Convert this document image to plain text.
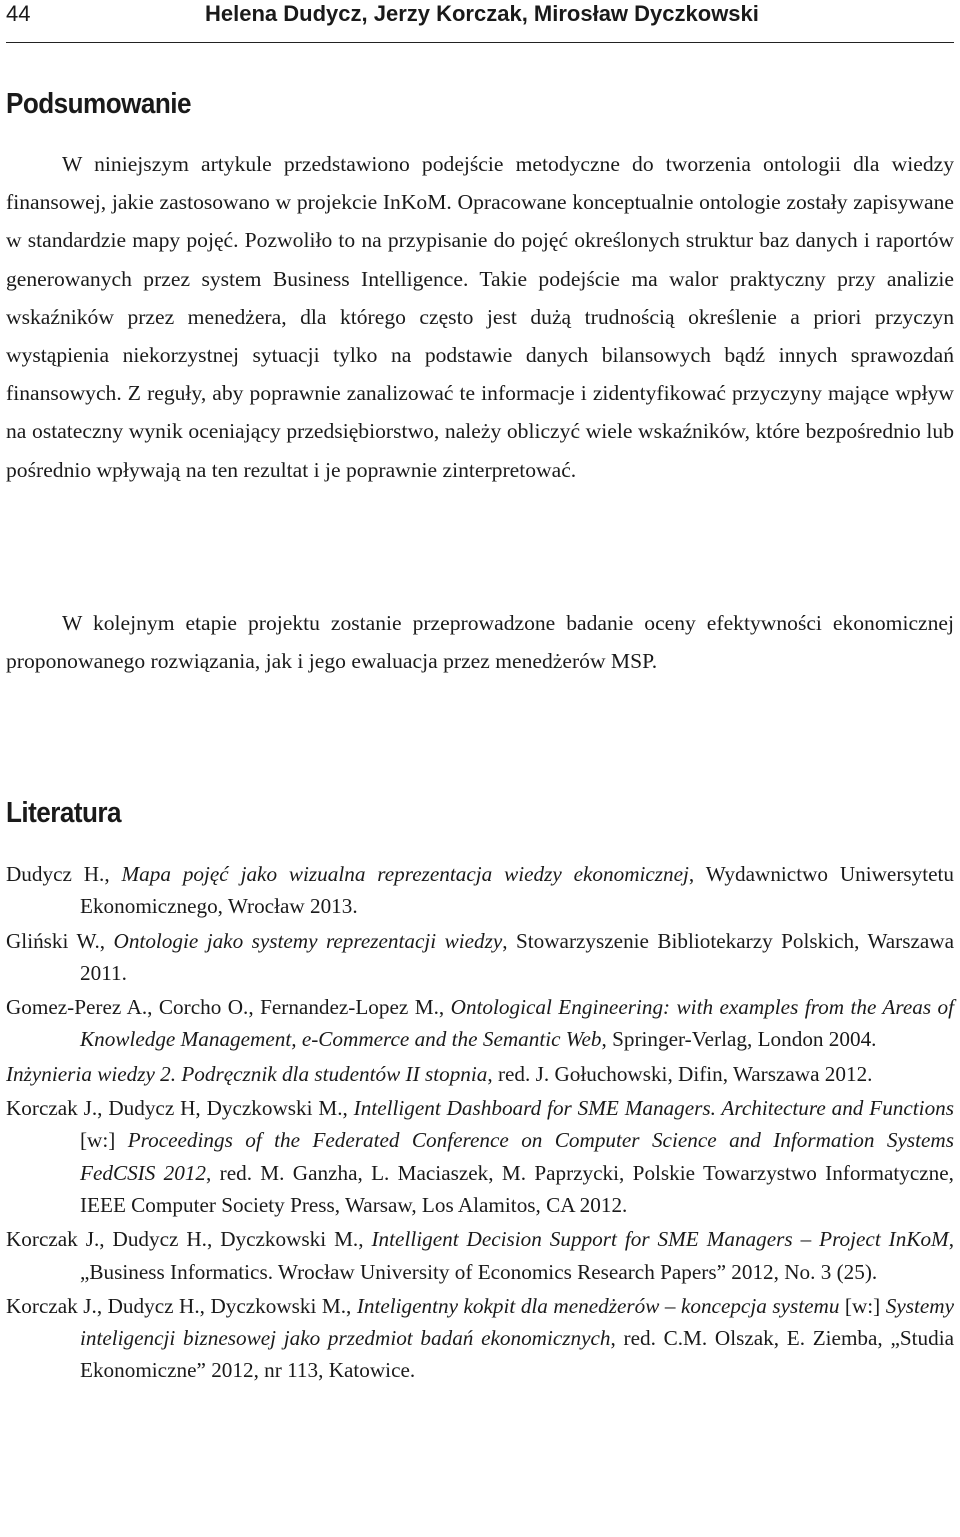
44	Helena Dudycz, Jerzy Korczak, Mirosław Dyczkowski
Podsumowanie

W niniejszym artykule przedstawiono podejście metodyczne do tworzenia ontologii dla wiedzy finansowej, jakie zastosowano w projekcie InKoM. Opracowane konceptualnie ontologie zostały zapisywane w standardzie mapy pojęć. Pozwoliło to na przypisanie do pojęć określonych struktur baz danych i raportów generowanych przez system Business Intelligence. Takie podejście ma walor praktyczny przy analizie wskaźników przez menedżera, dla którego często jest dużą trudnością określenie a priori przyczyn wystąpienia niekorzystnej sytuacji tylko na podstawie danych bilansowych bądź innych sprawozdań finansowych. Z reguły, aby poprawnie zanalizować te informacje i zidentyfikować przyczyny mające wpływ na ostateczny wynik oceniający przedsiębiorstwo, należy obliczyć wiele wskaźników, które bezpośrednio lub pośrednio wpływają na ten rezultat i je poprawnie zinterpretować.

W kolejnym etapie projektu zostanie przeprowadzone badanie oceny efektywności ekonomicznej proponowanego rozwiązania, jak i jego ewaluacja przez menedżerów MSP.

Literatura

Dudycz H., Mapa pojęć jako wizualna reprezentacja wiedzy ekonomicznej, Wydawnictwo Uniwersytetu Ekonomicznego, Wrocław 2013.

Gliński W., Ontologie jako systemy reprezentacji wiedzy, Stowarzyszenie Bibliotekarzy Polskich, Warszawa 2011.

Gomez-Perez A., Corcho O., Fernandez-Lopez M., Ontological Engineering: with examples from the Areas of Knowledge Management, e-Commerce and the Semantic Web, Springer-Verlag, London 2004.

Inżynieria wiedzy 2. Podręcznik dla studentów II stopnia, red. J. Gołuchowski, Difin, Warszawa 2012.

Korczak J., Dudycz H, Dyczkowski M., Intelligent Dashboard for SME Managers. Architecture and Functions [w:] Proceedings of the Federated Conference on Computer Science and Information Systems FedCSIS 2012, red. M. Ganzha, L. Maciaszek, M. Paprzycki, Polskie Towarzystwo Informatyczne, IEEE Computer Society Press, Warsaw, Los Alamitos, CA 2012.

Korczak J., Dudycz H., Dyczkowski M., Intelligent Decision Support for SME Managers – Project InKoM, „Business Informatics. Wrocław University of Economics Research Papers” 2012, No. 3 (25).

Korczak J., Dudycz H., Dyczkowski M., Inteligentny kokpit dla menedżerów – koncepcja systemu [w:] Systemy inteligencji biznesowej jako przedmiot badań ekonomicznych, red. C.M. Olszak, E. Ziemba, „Studia Ekonomiczne” 2012, nr 113, Katowice.
